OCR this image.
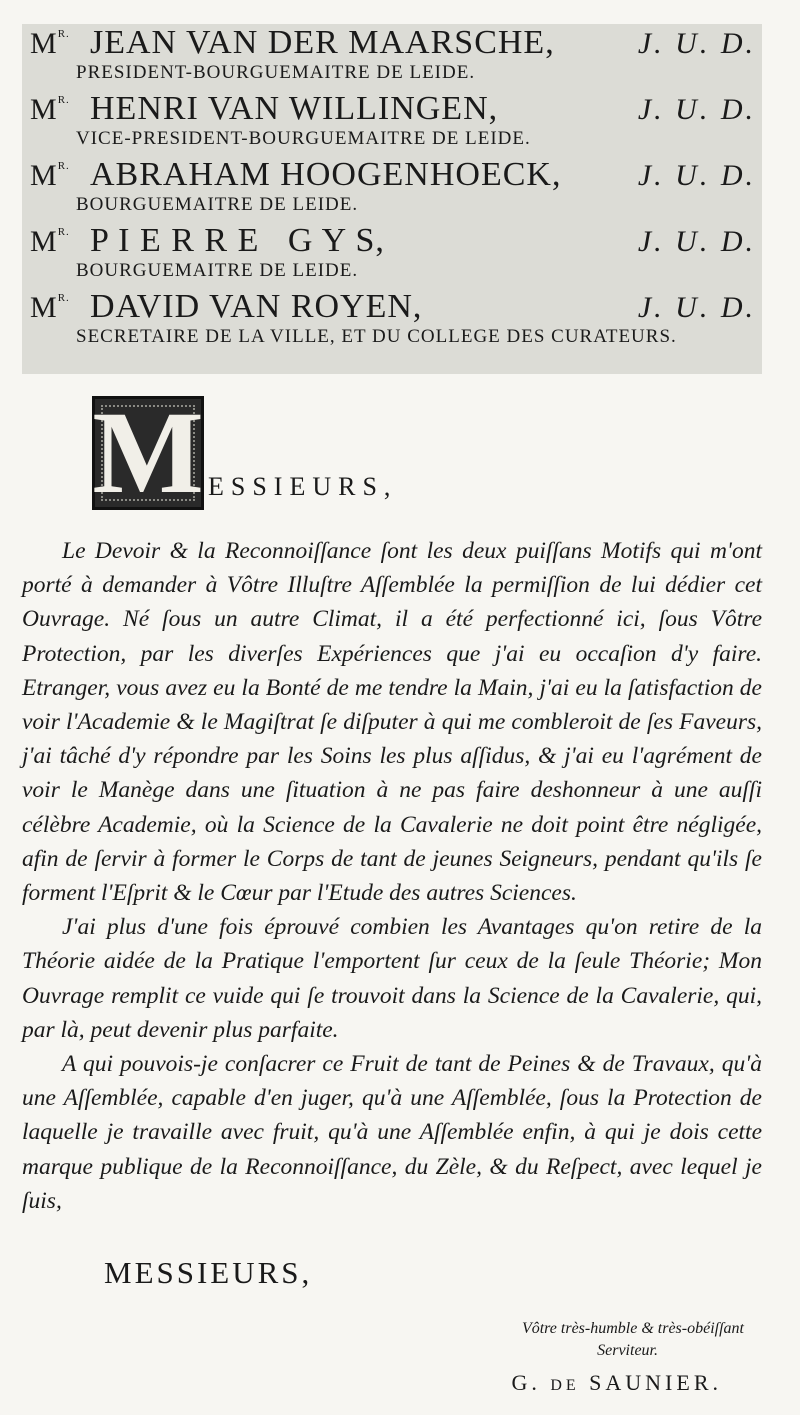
$M^{R.}$ JEAN VAN DER MAARSCHE,	J. U. D.
PRESIDENT-BOURGUEMAITRE DE LEIDE.
$M^{R.}$ HENRI VAN WILLINGEN,	J. U. D.
VICE-PRESIDENT-BOURGUEMAITRE DE LEIDE.
$M^{R.}$ ABRAHAM HOOGENHOECK,	J. U. D.
BOURGUEMAITRE DE LEIDE.
$M^{R.}$ P I E R R E   G Y S,	J. U. D.
BOURGUEMAITRE DE LEIDE.
$M^{R.}$ DAVID VAN ROYEN,	J. U. D.
SECRETAIRE DE LA VILLE, ET DU COLLEGE DES CURATEURS.
M ESSIEURS,

Le Devoir & la Reconnoiſſance ſont les deux puiſſans Motifs qui m'ont porté à demander à Vôtre Illuſtre Aſſemblée la permiſſion de lui dédier cet Ouvrage. Né ſous un autre Climat, il a été perfectionné ici, ſous Vôtre Protection, par les diverſes Expériences que j'ai eu occaſion d'y faire. Etranger, vous avez eu la Bonté de me tendre la Main, j'ai eu la ſatisfaction de voir l'Academie & le Magiſtrat ſe diſputer à qui me combleroit de ſes Faveurs, j'ai tâché d'y répondre par les Soins les plus aſſidus, & j'ai eu l'agrément de voir le Manège dans une ſituation à ne pas faire deshonneur à une auſſi célèbre Academie, où la Science de la Cavalerie ne doit point être négligée, afin de ſervir à former le Corps de tant de jeunes Seigneurs, pendant qu'ils ſe forment l'Eſprit & le Cœur par l'Etude des autres Sciences.

J'ai plus d'une fois éprouvé combien les Avantages qu'on retire de la Théorie aidée de la Pratique l'emportent ſur ceux de la ſeule Théorie; Mon Ouvrage remplit ce vuide qui ſe trouvoit dans la Science de la Cavalerie, qui, par là, peut devenir plus parfaite.

A qui pouvois-je conſacrer ce Fruit de tant de Peines & de Travaux, qu'à une Aſſemblée, capable d'en juger, qu'à une Aſſemblée, ſous la Protection de laquelle je travaille avec fruit, qu'à une Aſſemblée enfin, à qui je dois cette marque publique de la Reconnoiſſance, du Zèle, & du Reſpect, avec lequel je ſuis,

MESSIEURS,
Vôtre très-humble & très-obéiſſant
Serviteur.
G. DE SAUNIER.
